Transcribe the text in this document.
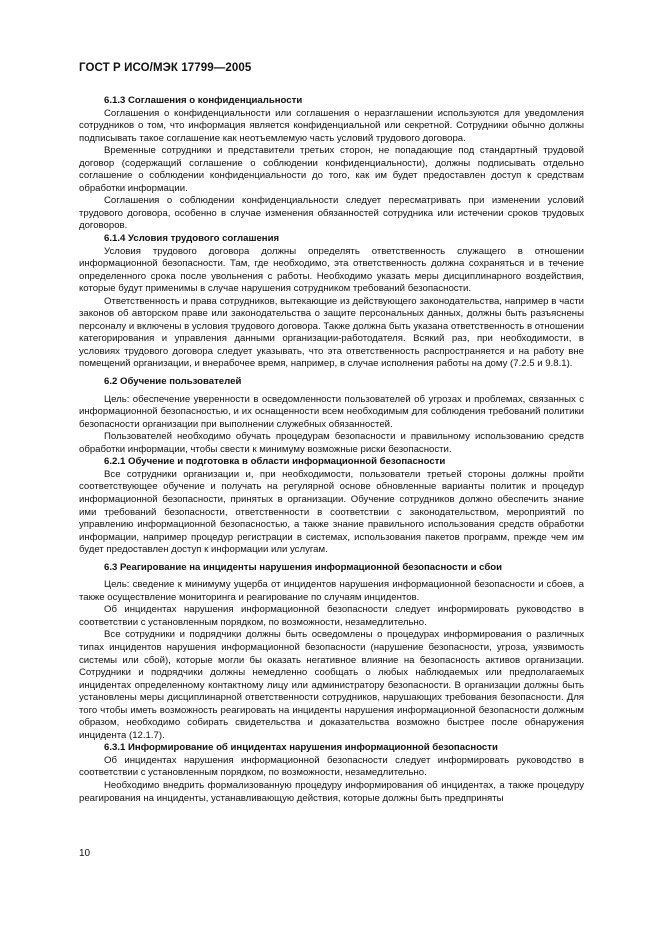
ГОСТ Р ИСО/МЭК 17799—2005
6.1.3 Соглашения о конфиденциальности

Соглашения о конфиденциальности или соглашения о неразглашении используются для уведомления сотрудников о том, что информация является конфиденциальной или секретной. Сотрудники обычно должны подписывать такое соглашение как неотъемлемую часть условий трудового договора.

Временные сотрудники и представители третьих сторон, не попадающие под стандартный трудовой договор (содержащий соглашение о соблюдении конфиденциальности), должны подписывать отдельно соглашение о соблюдении конфиденциальности до того, как им будет предоставлен доступ к средствам обработки информации.

Соглашения о соблюдении конфиденциальности следует пересматривать при изменении условий трудового договора, особенно в случае изменения обязанностей сотрудника или истечении сроков трудовых договоров.

6.1.4 Условия трудового соглашения

Условия трудового договора должны определять ответственность служащего в отношении информационной безопасности. Там, где необходимо, эта ответственность должна сохраняться и в течение определенного срока после увольнения с работы. Необходимо указать меры дисциплинарного воздействия, которые будут применимы в случае нарушения сотрудником требований безопасности.

Ответственность и права сотрудников, вытекающие из действующего законодательства, например в части законов об авторском праве или законодательства о защите персональных данных, должны быть разъяснены персоналу и включены в условия трудового договора. Также должна быть указана ответственность в отношении категорирования и управления данными организации-работодателя. Всякий раз, при необходимости, в условиях трудового договора следует указывать, что эта ответственность распространяется и на работу вне помещений организации, и внерабочее время, например, в случае исполнения работы на дому (7.2.5 и 9.8.1).

6.2 Обучение пользователей

Цель: обеспечение уверенности в осведомленности пользователей об угрозах и проблемах, связанных с информационной безопасностью, и их оснащенности всем необходимым для соблюдения требований политики безопасности организации при выполнении служебных обязанностей.

Пользователей необходимо обучать процедурам безопасности и правильному использованию средств обработки информации, чтобы свести к минимуму возможные риски безопасности.

6.2.1 Обучение и подготовка в области информационной безопасности

Все сотрудники организации и, при необходимости, пользователи третьей стороны должны пройти соответствующее обучение и получать на регулярной основе обновленные варианты политик и процедур информационной безопасности, принятых в организации. Обучение сотрудников должно обеспечить знание ими требований безопасности, ответственности в соответствии с законодательством, мероприятий по управлению информационной безопасностью, а также знание правильного использования средств обработки информации, например процедур регистрации в системах, использования пакетов программ, прежде чем им будет предоставлен доступ к информации или услугам.

6.3 Реагирование на инциденты нарушения информационной безопасности и сбои

Цель: сведение к минимуму ущерба от инцидентов нарушения информационной безопасности и сбоев, а также осуществление мониторинга и реагирование по случаям инцидентов.

Об инцидентах нарушения информационной безопасности следует информировать руководство в соответствии с установленным порядком, по возможности, незамедлительно.

Все сотрудники и подрядчики должны быть осведомлены о процедурах информирования о различных типах инцидентов нарушения информационной безопасности (нарушение безопасности, угроза, уязвимость системы или сбой), которые могли бы оказать негативное влияние на безопасность активов организации. Сотрудники и подрядчики должны немедленно сообщать о любых наблюдаемых или предполагаемых инцидентах определенному контактному лицу или администратору безопасности. В организации должны быть установлены меры дисциплинарной ответственности сотрудников, нарушающих требования безопасности. Для того чтобы иметь возможность реагировать на инциденты нарушения информационной безопасности должным образом, необходимо собирать свидетельства и доказательства возможно быстрее после обнаружения инцидента (12.1.7).

6.3.1 Информирование об инцидентах нарушения информационной безопасности

Об инцидентах нарушения информационной безопасности следует информировать руководство в соответствии с установленным порядком, по возможности, незамедлительно.

Необходимо внедрить формализованную процедуру информирования об инцидентах, а также процедуру реагирования на инциденты, устанавливающую действия, которые должны быть предприняты

10
